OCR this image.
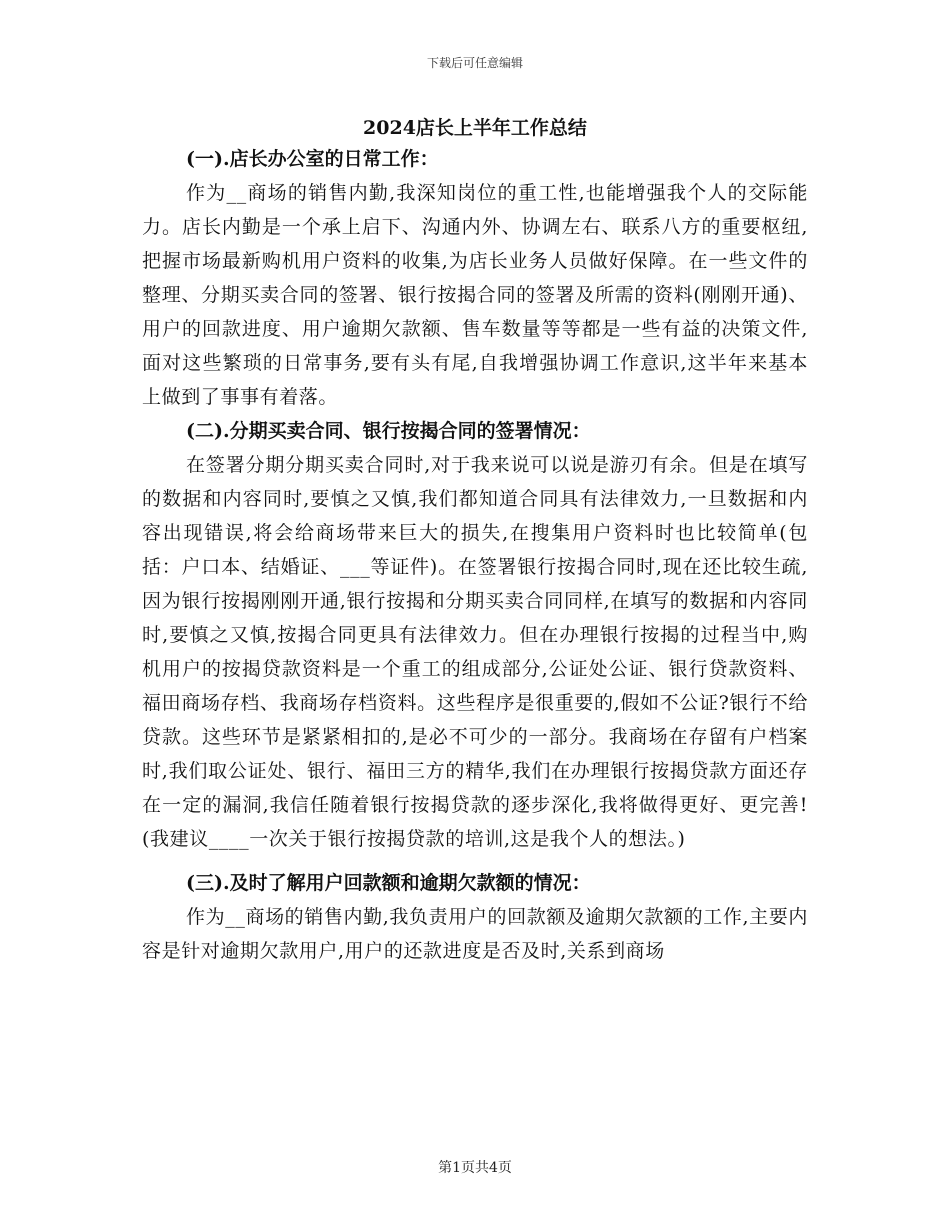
下载后可任意编辑

2024店长上半年工作总结

(一).店长办公室的日常工作：

作为__商场的销售内勤,我深知岗位的重工性,也能增强我个人的交际能力。店长内勤是一个承上启下、沟通内外、协调左右、联系八方的重要枢纽,把握市场最新购机用户资料的收集,为店长业务人员做好保障。在一些文件的整理、分期买卖合同的签署、银行按揭合同的签署及所需的资料(刚刚开通)、用户的回款进度、用户逾期欠款额、售车数量等等都是一些有益的决策文件,面对这些繁琐的日常事务,要有头有尾,自我增强协调工作意识,这半年来基本上做到了事事有着落。

(二).分期买卖合同、银行按揭合同的签署情况：

在签署分期分期买卖合同时,对于我来说可以说是游刃有余。但是在填写的数据和内容同时,要慎之又慎,我们都知道合同具有法律效力,一旦数据和内容出现错误,将会给商场带来巨大的损失,在搜集用户资料时也比较简单(包括：户口本、结婚证、___等证件)。在签署银行按揭合同时,现在还比较生疏,因为银行按揭刚刚开通,银行按揭和分期买卖合同同样,在填写的数据和内容同时,要慎之又慎,按揭合同更具有法律效力。但在办理银行按揭的过程当中,购机用户的按揭贷款资料是一个重工的组成部分,公证处公证、银行贷款资料、福田商场存档、我商场存档资料。这些程序是很重要的,假如不公证?银行不给贷款。这些环节是紧紧相扣的,是必不可少的一部分。我商场在存留有户档案时,我们取公证处、银行、福田三方的精华,我们在办理银行按揭贷款方面还存在一定的漏洞,我信任随着银行按揭贷款的逐步深化,我将做得更好、更完善!(我建议____一次关于银行按揭贷款的培训,这是我个人的想法。)

(三).及时了解用户回款额和逾期欠款额的情况：

作为__商场的销售内勤,我负责用户的回款额及逾期欠款额的工作,主要内容是针对逾期欠款用户,用户的还款进度是否及时,关系到商场

第1页共4页
